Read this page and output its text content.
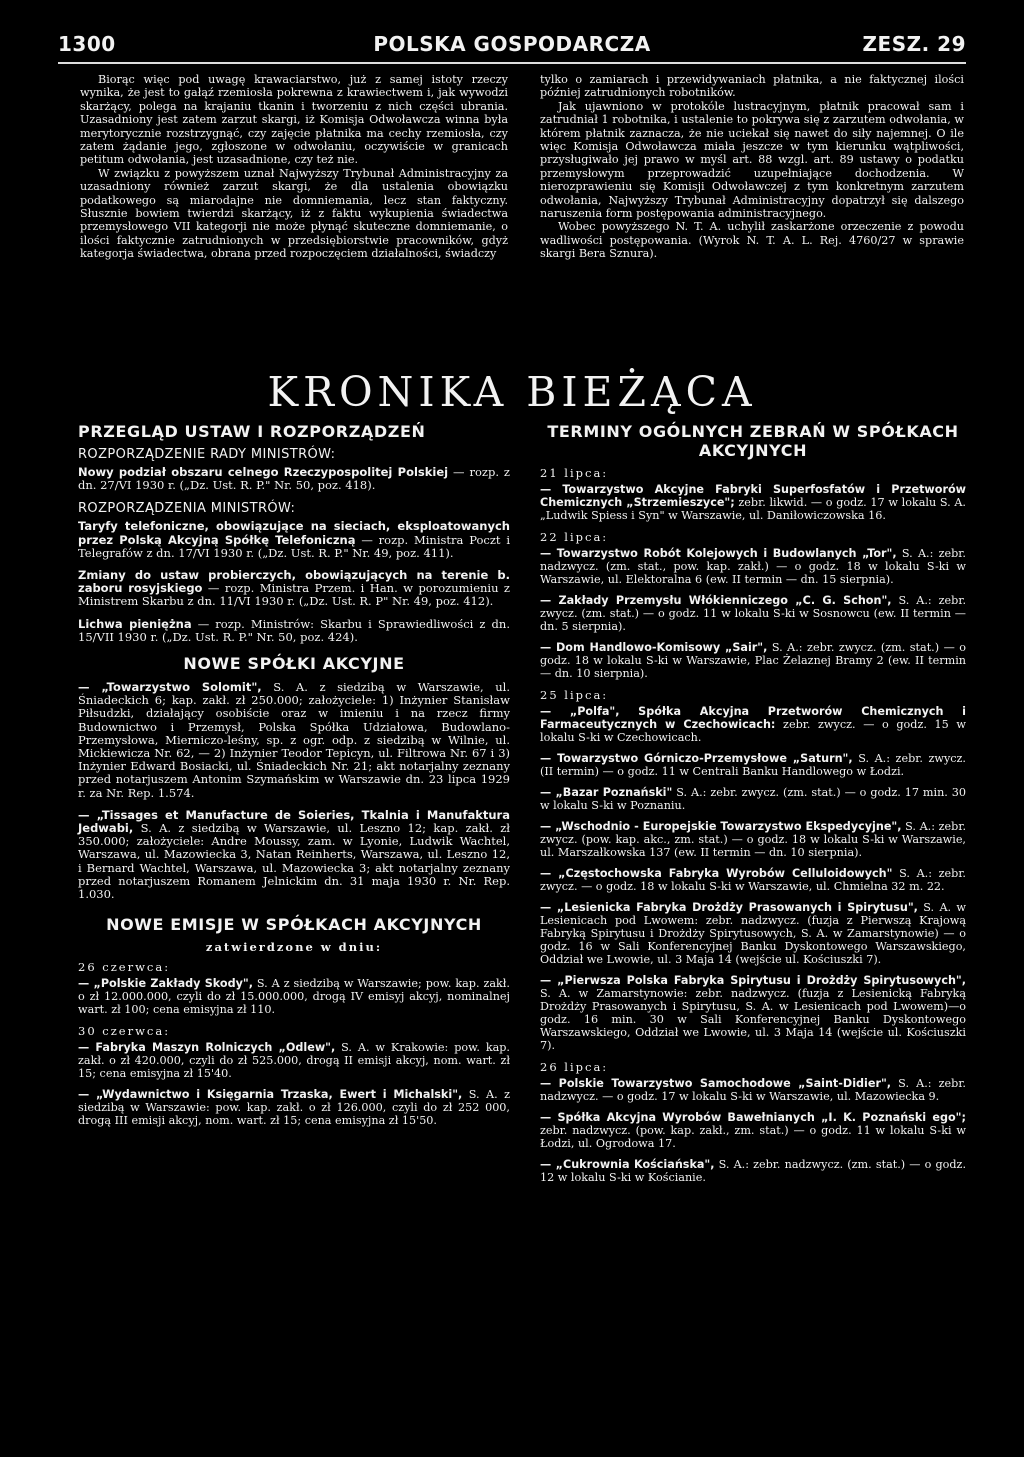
1300	POLSKA GOSPODARCZA	ZESZ. 29

Biorąc więc pod uwagę krawaciarstwo, już z samej istoty rzeczy wynika, że jest to gałąź rzemiosła pokrewna z krawiectwem i, jak wywodzi skarżący, polega na krajaniu tkanin i tworzeniu z nich części ubrania. Uzasadniony jest zatem zarzut skargi, iż Komisja Odwoławcza winna była merytorycznie rozstrzygnąć, czy zajęcie płatnika ma cechy rzemiosła, czy zatem żądanie jego, zgłoszone w odwołaniu, oczywiście w granicach petitum odwołania, jest uzasadnione, czy też nie.

W związku z powyższem uznał Najwyższy Trybunał Administracyjny za uzasadniony również zarzut skargi, że dla ustalenia obowiązku podatkowego są miarodajne nie domniemania, lecz stan faktyczny. Słusznie bowiem twierdzi skarżący, iż z faktu wykupienia świadectwa przemysłowego VII kategorji nie może płynąć skuteczne domniemanie, o ilości faktycznie zatrudnionych w przedsiębiorstwie pracowników, gdyż kategorja świadectwa, obrana przed rozpoczęciem działalności, świadczy

tylko o zamiarach i przewidywaniach płatnika, a nie faktycznej ilości później zatrudnionych robotników.

Jak ujawniono w protokóle lustracyjnym, płatnik pracował sam i zatrudniał 1 robotnika, i ustalenie to pokrywa się z zarzutem odwołania, w którem płatnik zaznacza, że nie uciekał się nawet do siły najemnej. O ile więc Komisja Odwoławcza miała jeszcze w tym kierunku wątpliwości, przysługiwało jej prawo w myśl art. 88 wzgl. art. 89 ustawy o podatku przemysłowym przeprowadzić uzupełniające dochodzenia. W nierozprawieniu się Komisji Odwoławczej z tym konkretnym zarzutem odwołania, Najwyższy Trybunał Administracyjny dopatrzył się dalszego naruszenia form postępowania administracyjnego.

Wobec powyższego N. T. A. uchylił zaskarżone orzeczenie z powodu wadliwości postępowania. (Wyrok N. T. A. L. Rej. 4760/27 w sprawie skargi Bera Sznura).

KRONIKA BIEŻĄCA
PRZEGLĄD USTAW I ROZPORZĄDZEŃ
ROZPORZĄDZENIE RADY MINISTRÓW:
Nowy podział obszaru celnego Rzeczypospolitej Polskiej — rozp. z dn. 27/VI 1930 r. („Dz. Ust. R. P." Nr. 50, poz. 418).
ROZPORZĄDZENIA MINISTRÓW:
Taryfy telefoniczne, obowiązujące na sieciach, eksploatowanych przez Polską Akcyjną Spółkę Telefoniczną — rozp. Ministra Poczt i Telegrafów z dn. 17/VI 1930 r. („Dz. Ust. R. P." Nr. 49, poz. 411).
Zmiany do ustaw probierczych, obowiązujących na terenie b. zaboru rosyjskiego — rozp. Ministra Przem. i Han. w porozumieniu z Ministrem Skarbu z dn. 11/VI 1930 r. („Dz. Ust. R. P" Nr. 49, poz. 412).
Lichwa pieniężna — rozp. Ministrów: Skarbu i Sprawiedliwości z dn. 15/VII 1930 r. („Dz. Ust. R. P." Nr. 50, poz. 424).
NOWE SPÓŁKI AKCYJNE
— „Towarzystwo Solomit", S. A. z siedzibą w Warszawie, ul. Śniadeckich 6; kap. zakł. zł 250.000; założyciele: 1) Inżynier Stanisław Piłsudzki, działający osobiście oraz w imieniu i na rzecz firmy Budownictwo i Przemysł, Polska Spółka Udziałowa, Budowlano-Przemysłowa, Mierniczo-leśny, sp. z ogr. odp. z siedzibą w Wilnie, ul. Mickiewicza Nr. 62, — 2) Inżynier Teodor Tepicyn, ul. Filtrowa Nr. 67 i 3) Inżynier Edward Bosiacki, ul. Śniadeckich Nr. 21; akt notarjalny zeznany przed notarjuszem Antonim Szymańskim w Warszawie dn. 23 lipca 1929 r. za Nr. Rep. 1.574.
— „Tissages et Manufacture de Soieries, Tkalnia i Manufaktura Jedwabi, S. A. z siedzibą w Warszawie, ul. Leszno 12; kap. zakł. zł 350.000; założyciele: Andre Moussy, zam. w Lyonie, Ludwik Wachtel, Warszawa, ul. Mazowiecka 3, Natan Reinherts, Warszawa, ul. Leszno 12, i Bernard Wachtel, Warszawa, ul. Mazowiecka 3; akt notarjalny zeznany przed notarjuszem Romanem Jelnickim dn. 31 maja 1930 r. Nr. Rep. 1.030.
NOWE EMISJE W SPÓŁKACH AKCYJNYCH
zatwierdzone w dniu:
26 czerwca:
— „Polskie Zakłady Skody", S. A z siedzibą w Warszawie; pow. kap. zakł. o zł 12.000.000, czyli do zł 15.000.000, drogą IV emisyj akcyj, nominalnej wart. zł 100; cena emisyjna zł 110.
30 czerwca:
— Fabryka Maszyn Rolniczych „Odlew", S. A. w Krakowie: pow. kap. zakł. o zł 420.000, czyli do zł 525.000, drogą II emisji akcyj, nom. wart. zł 15; cena emisyjna zł 15'40.
— „Wydawnictwo i Księgarnia Trzaska, Ewert i Michalski", S. A. z siedzibą w Warszawie: pow. kap. zakł. o zł 126.000, czyli do zł 252 000, drogą III emisji akcyj, nom. wart. zł 15; cena emisyjna zł 15'50.
TERMINY OGÓLNYCH ZEBRAŃ W SPÓŁKACH AKCYJNYCH
21 lipca:
— Towarzystwo Akcyjne Fabryki Superfosfatów i Przetworów Chemicznych „Strzemieszyce"; zebr. likwid. — o godz. 17 w lokalu S. A. „Ludwik Spiess i Syn" w Warszawie, ul. Daniłowiczowska 16.
22 lipca:
— Towarzystwo Robót Kolejowych i Budowlanych „Tor", S. A.: zebr. nadzwycz. (zm. stat., pow. kap. zakł.) — o godz. 18 w lokalu S-ki w Warszawie, ul. Elektoralna 6 (ew. II termin — dn. 15 sierpnia).
— Zakłady Przemysłu Włókienniczego „C. G. Schon", S. A.: zebr. zwycz. (zm. stat.) — o godz. 11 w lokalu S-ki w Sosnowcu (ew. II termin — dn. 5 sierpnia).
— Dom Handlowo-Komisowy „Sair", S. A.: zebr. zwycz. (zm. stat.) — o godz. 18 w lokalu S-ki w Warszawie, Plac Żelaznej Bramy 2 (ew. II termin — dn. 10 sierpnia).
25 lipca:
— „Polfa", Spółka Akcyjna Przetworów Chemicznych i Farmaceutycznych w Czechowicach: zebr. zwycz. — o godz. 15 w lokalu S-ki w Czechowicach.
— Towarzystwo Górniczo-Przemysłowe „Saturn", S. A.: zebr. zwycz. (II termin) — o godz. 11 w Centrali Banku Handlowego w Łodzi.
— „Bazar Poznański" S. A.: zebr. zwycz. (zm. stat.) — o godz. 17 min. 30 w lokalu S-ki w Poznaniu.
— „Wschodnio - Europejskie Towarzystwo Ekspedycyjne", S. A.: zebr. zwycz. (pow. kap. akc., zm. stat.) — o godz. 18 w lokalu S-ki w Warszawie, ul. Marszałkowska 137 (ew. II termin — dn. 10 sierpnia).
— „Częstochowska Fabryka Wyrobów Celluloidowych" S. A.: zebr. zwycz. — o godz. 18 w lokalu S-ki w Warszawie, ul. Chmielna 32 m. 22.
— „Lesienicka Fabryka Drożdży Prasowanych i Spirytusu", S. A. w Lesienicach pod Lwowem: zebr. nadzwycz. (fuzja z Pierwszą Krajową Fabryką Spirytusu i Drożdży Spirytusowych, S. A. w Zamarstynowie) — o godz. 16 w Sali Konferencyjnej Banku Dyskontowego Warszawskiego, Oddział we Lwowie, ul. 3 Maja 14 (wejście ul. Kościuszki 7).
— „Pierwsza Polska Fabryka Spirytusu i Drożdży Spirytusowych", S. A. w Zamarstynowie: zebr. nadzwycz. (fuzja z Lesienicką Fabryką Drożdży Prasowanych i Spirytusu, S. A. w Lesienicach pod Lwowem)—o godz. 16 min. 30 w Sali Konferencyjnej Banku Dyskontowego Warszawskiego, Oddział we Lwowie, ul. 3 Maja 14 (wejście ul. Kościuszki 7).
26 lipca:
— Polskie Towarzystwo Samochodowe „Saint-Didier", S. A.: zebr. nadzwycz. — o godz. 17 w lokalu S-ki w Warszawie, ul. Mazowiecka 9.
— Spółka Akcyjna Wyrobów Bawełnianych „I. K. Poznański ego"; zebr. nadzwycz. (pow. kap. zakł., zm. stat.) — o godz. 11 w lokalu S-ki w Łodzi, ul. Ogrodowa 17.
— „Cukrownia Kościańska", S. A.: zebr. nadzwycz. (zm. stat.) — o godz. 12 w lokalu S-ki w Kościanie.
